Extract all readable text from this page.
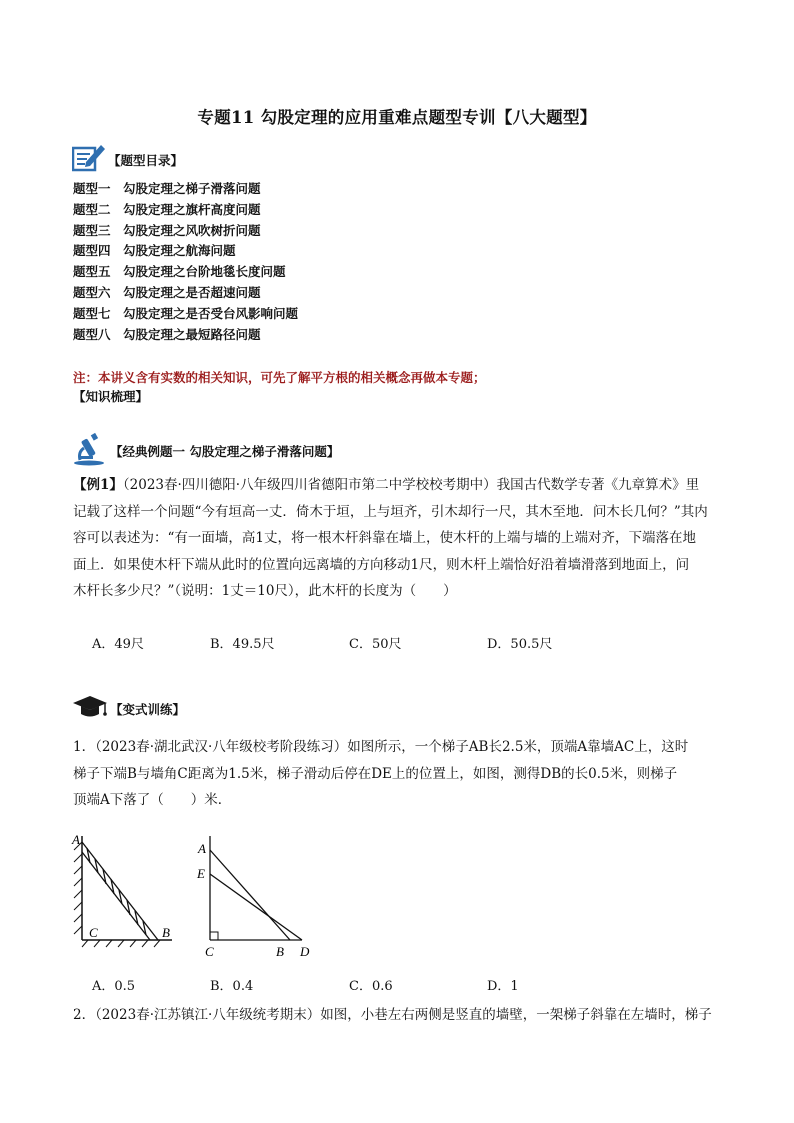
专题11 勾股定理的应用重难点题型专训【八大题型】
【题型目录】
题型一 勾股定理之梯子滑落问题
题型二 勾股定理之旗杆高度问题
题型三 勾股定理之风吹树折问题
题型四 勾股定理之航海问题
题型五 勾股定理之台阶地毯长度问题
题型六 勾股定理之是否超速问题
题型七 勾股定理之是否受台风影响问题
题型八 勾股定理之最短路径问题
注：本讲义含有实数的相关知识，可先了解平方根的相关概念再做本专题；
【知识梳理】
【经典例题一 勾股定理之梯子滑落问题】
【例1】（2023春·四川德阳·八年级四川省德阳市第二中学校校考期中）我国古代数学专著《九章算术》里
记载了这样一个问题“今有垣高一丈．倚木于垣，上与垣齐，引木却行一尺，其木至地．问木长几何？”其内
容可以表述为：“有一面墙，高1丈，将一根木杆斜靠在墙上，使木杆的上端与墙的上端对齐，下端落在地
面上．如果使木杆下端从此时的位置向远离墙的方向移动1尺，则木杆上端恰好沿着墙滑落到地面上，问
木杆长多少尺？”（说明：1丈＝10尺），此木杆的长度为（　　）
A．49尺	B．49.5尺	C．50尺	D．50.5尺
【变式训练】
1．（2023春·湖北武汉·八年级校考阶段练习）如图所示，一个梯子AB长2.5米，顶端A靠墙AC上，这时
梯子下端B与墙角C距离为1.5米，梯子滑动后停在DE上的位置上，如图，测得DB的长0.5米，则梯子
顶端A下落了（　　）米．
A
C	B
A
E
C	B D
A．0.5	B．0.4	C．0.6	D．1
2．（2023春·江苏镇江·八年级统考期末）如图，小巷左右两侧是竖直的墙壁，一架梯子斜靠在左墙时，梯子
